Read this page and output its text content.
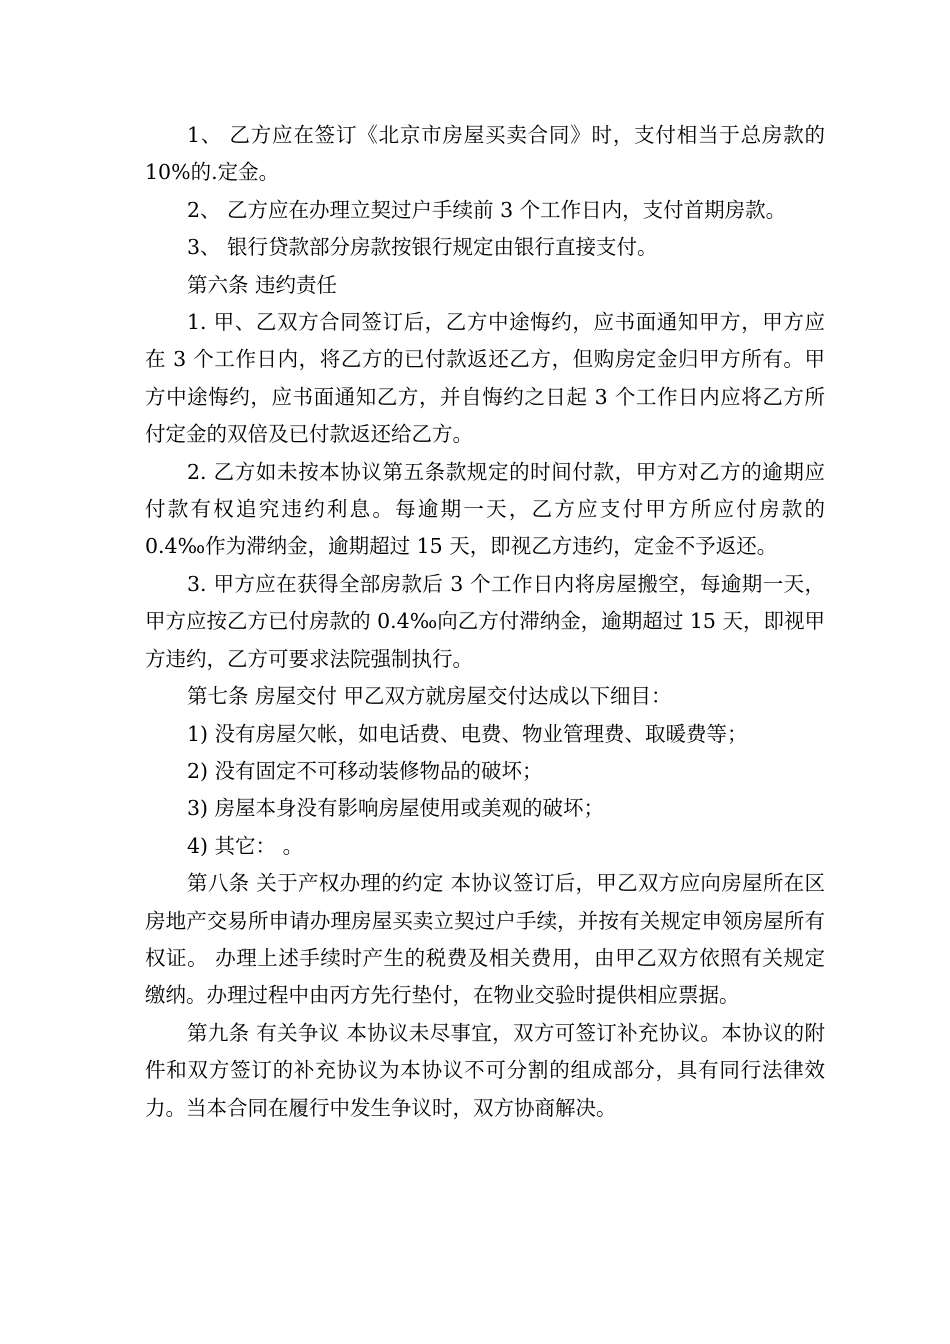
1、 乙方应在签订《北京市房屋买卖合同》时，支付相当于总房款的 10%的.定金。

2、 乙方应在办理立契过户手续前 3 个工作日内，支付首期房款。

3、 银行贷款部分房款按银行规定由银行直接支付。

第六条 违约责任

1. 甲、乙双方合同签订后，乙方中途悔约，应书面通知甲方，甲方应在 3 个工作日内，将乙方的已付款返还乙方，但购房定金归甲方所有。甲方中途悔约，应书面通知乙方，并自悔约之日起 3 个工作日内应将乙方所付定金的双倍及已付款返还给乙方。

2. 乙方如未按本协议第五条款规定的时间付款，甲方对乙方的逾期应付款有权追究违约利息。每逾期一天，乙方应支付甲方所应付房款的 0.4‰作为滞纳金，逾期超过 15 天，即视乙方违约，定金不予返还。

3. 甲方应在获得全部房款后 3 个工作日内将房屋搬空，每逾期一天，甲方应按乙方已付房款的 0.4‰向乙方付滞纳金，逾期超过 15 天，即视甲方违约，乙方可要求法院强制执行。

第七条 房屋交付 甲乙双方就房屋交付达成以下细目：

1) 没有房屋欠帐，如电话费、电费、物业管理费、取暖费等；

2) 没有固定不可移动装修物品的破坏；

3) 房屋本身没有影响房屋使用或美观的破坏；

4) 其它： 。

第八条 关于产权办理的约定 本协议签订后，甲乙双方应向房屋所在区房地产交易所申请办理房屋买卖立契过户手续，并按有关规定申领房屋所有权证。 办理上述手续时产生的税费及相关费用，由甲乙双方依照有关规定缴纳。办理过程中由丙方先行垫付，在物业交验时提供相应票据。

第九条 有关争议 本协议未尽事宜，双方可签订补充协议。本协议的附件和双方签订的补充协议为本协议不可分割的组成部分，具有同行法律效力。当本合同在履行中发生争议时，双方协商解决。
